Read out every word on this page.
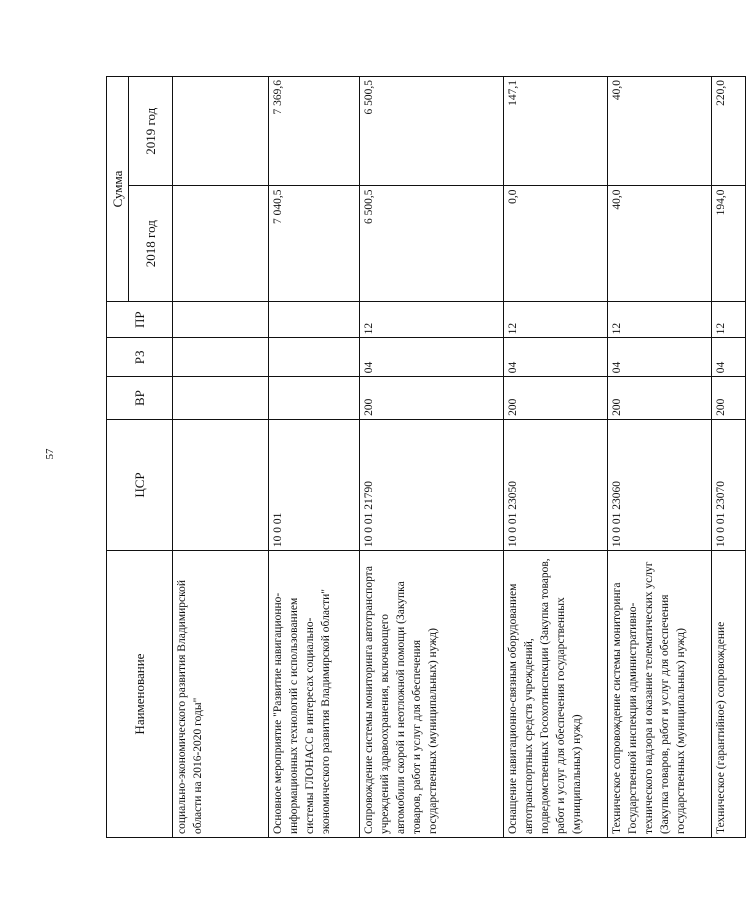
57
Наименование	ЦСР	ВР	РЗ	ПР	Сумма	
					2018 год	2019 год
социально-экономического развития Владимирской области на 2016-2020 годы"						
Основное мероприятие "Развитие навигационно-информационных технологий с использованием системы ГЛОНАСС в интересах социально-экономического развития Владимирской области"	10 0 01				7 040,5	7 369,6
Сопровождение системы мониторинга автотранспорта учреждений здравоохранения, включающего автомобили скорой и неотложной помощи (Закупка товаров, работ и услуг для обеспечения государственных (муниципальных) нужд)	10 0 01 21790	200	04	12	6 500,5	6 500,5
Оснащение навигационно-связным оборудованием автотранспортных средств учреждений, подведомственных Госохотинспекции (Закупка товаров, работ и услуг для обеспечения государственных (муниципальных) нужд)	10 0 01 23050	200	04	12	0,0	147,1
Техническое сопровождение системы мониторинга Государственной инспекции административно-технического надзора и оказание телематических услуг (Закупка товаров, работ и услуг для обеспечения государственных (муниципальных) нужд)	10 0 01 23060	200	04	12	40,0	40,0
Техническое (гарантийное) сопровождение	10 0 01 23070	200	04	12	194,0	220,0
